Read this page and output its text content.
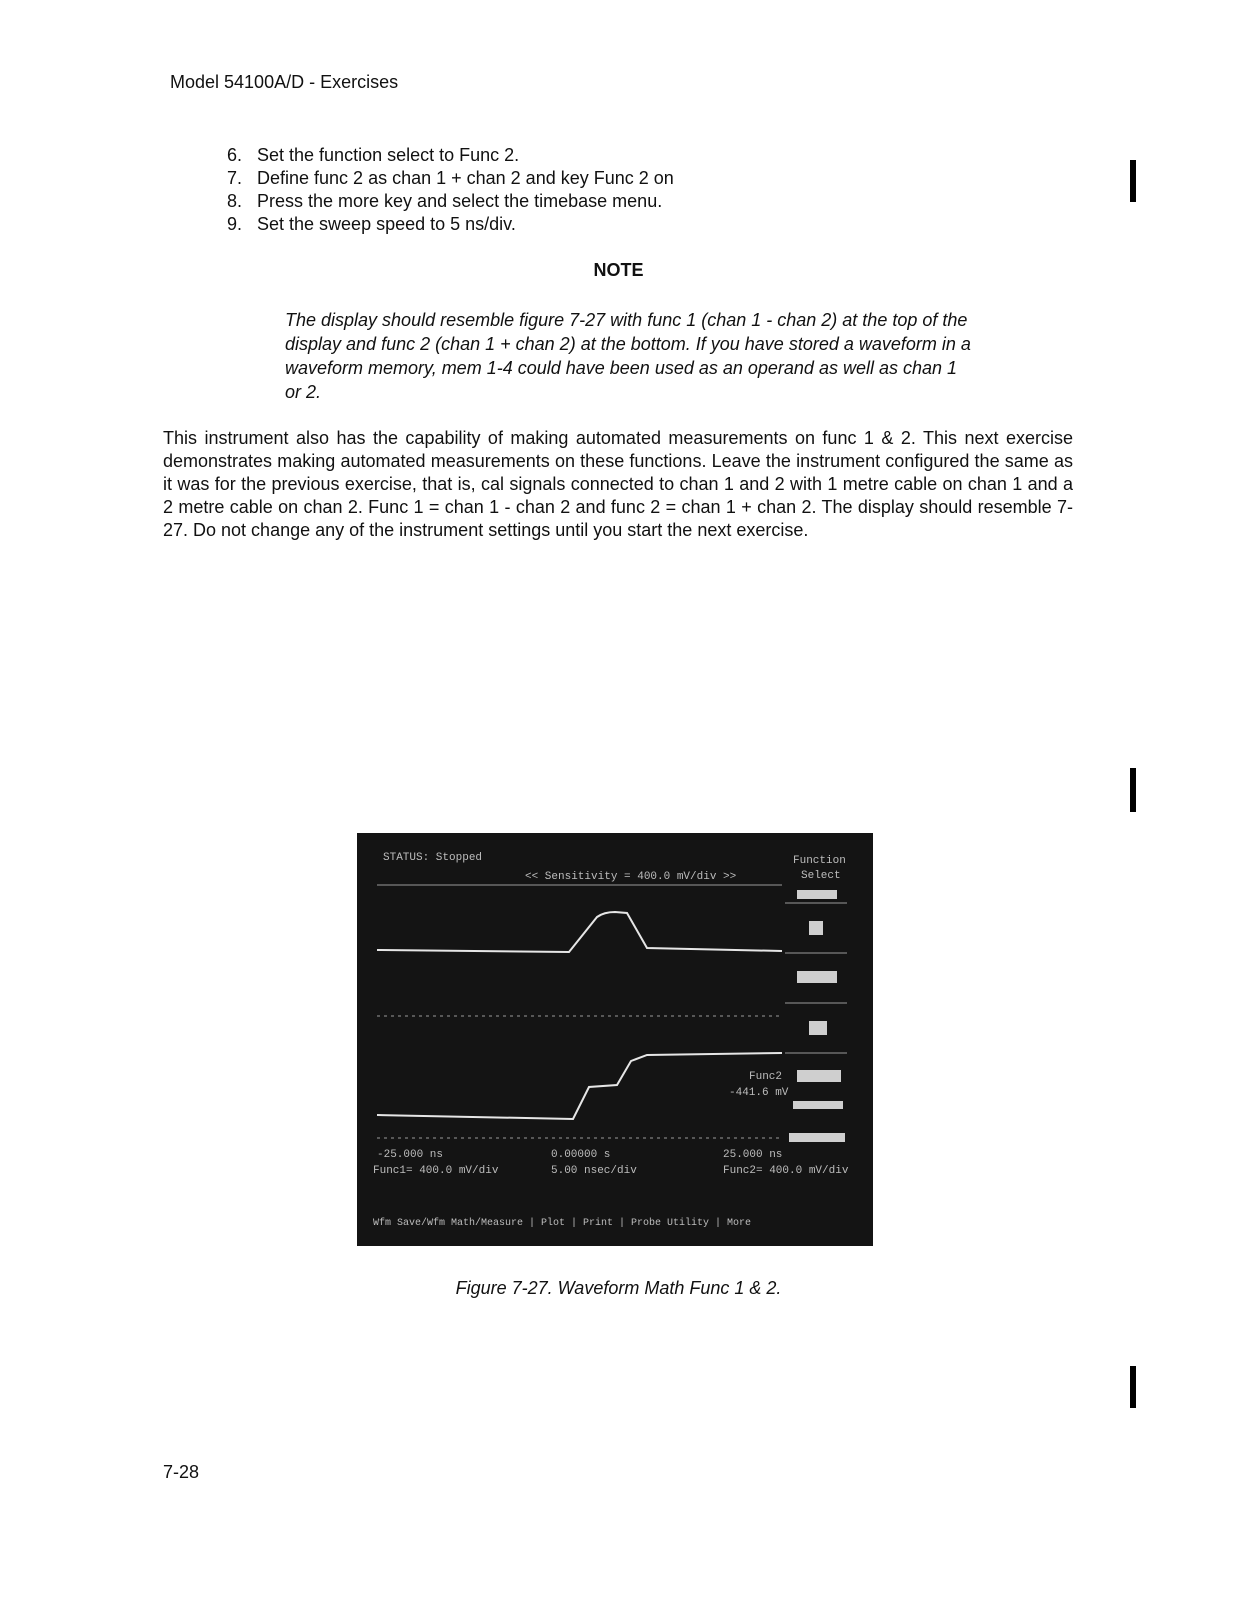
Model 54100A/D - Exercises
6. Set the function select to Func 2.
7. Define func 2 as chan 1 + chan 2 and key Func 2 on
8. Press the more key and select the timebase menu.
9. Set the sweep speed to 5 ns/div.
NOTE

The display should resemble figure 7-27 with func 1 (chan 1 - chan 2) at the top of the display and func 2 (chan 1 + chan 2) at the bottom. If you have stored a waveform in a waveform memory, mem 1-4 could have been used as an operand as well as chan 1 or 2.

This instrument also has the capability of making automated measurements on func 1 & 2. This next exercise demonstrates making automated measurements on these functions. Leave the instrument configured the same as it was for the previous exercise, that is, cal signals connected to chan 1 and 2 with 1 metre cable on chan 1 and a 2 metre cable on chan 2. Func 1 = chan 1 - chan 2 and func 2 = chan 1 + chan 2. The display should resemble 7-27. Do not change any of the instrument settings until you start the next exercise.

STATUS: Stopped
<< Sensitivity = 400.0 mV/div >>
Function
Select
Func2
-441.6 mV
-25.000 ns
Func1= 400.0 mV/div
0.00000 s
5.00 nsec/div
25.000 ns
Func2= 400.0 mV/div
Wfm Save/Wfm Math/Measure | Plot | Print | Probe Utility | More
Figure 7-27. Waveform Math Func 1 & 2.
7-28
